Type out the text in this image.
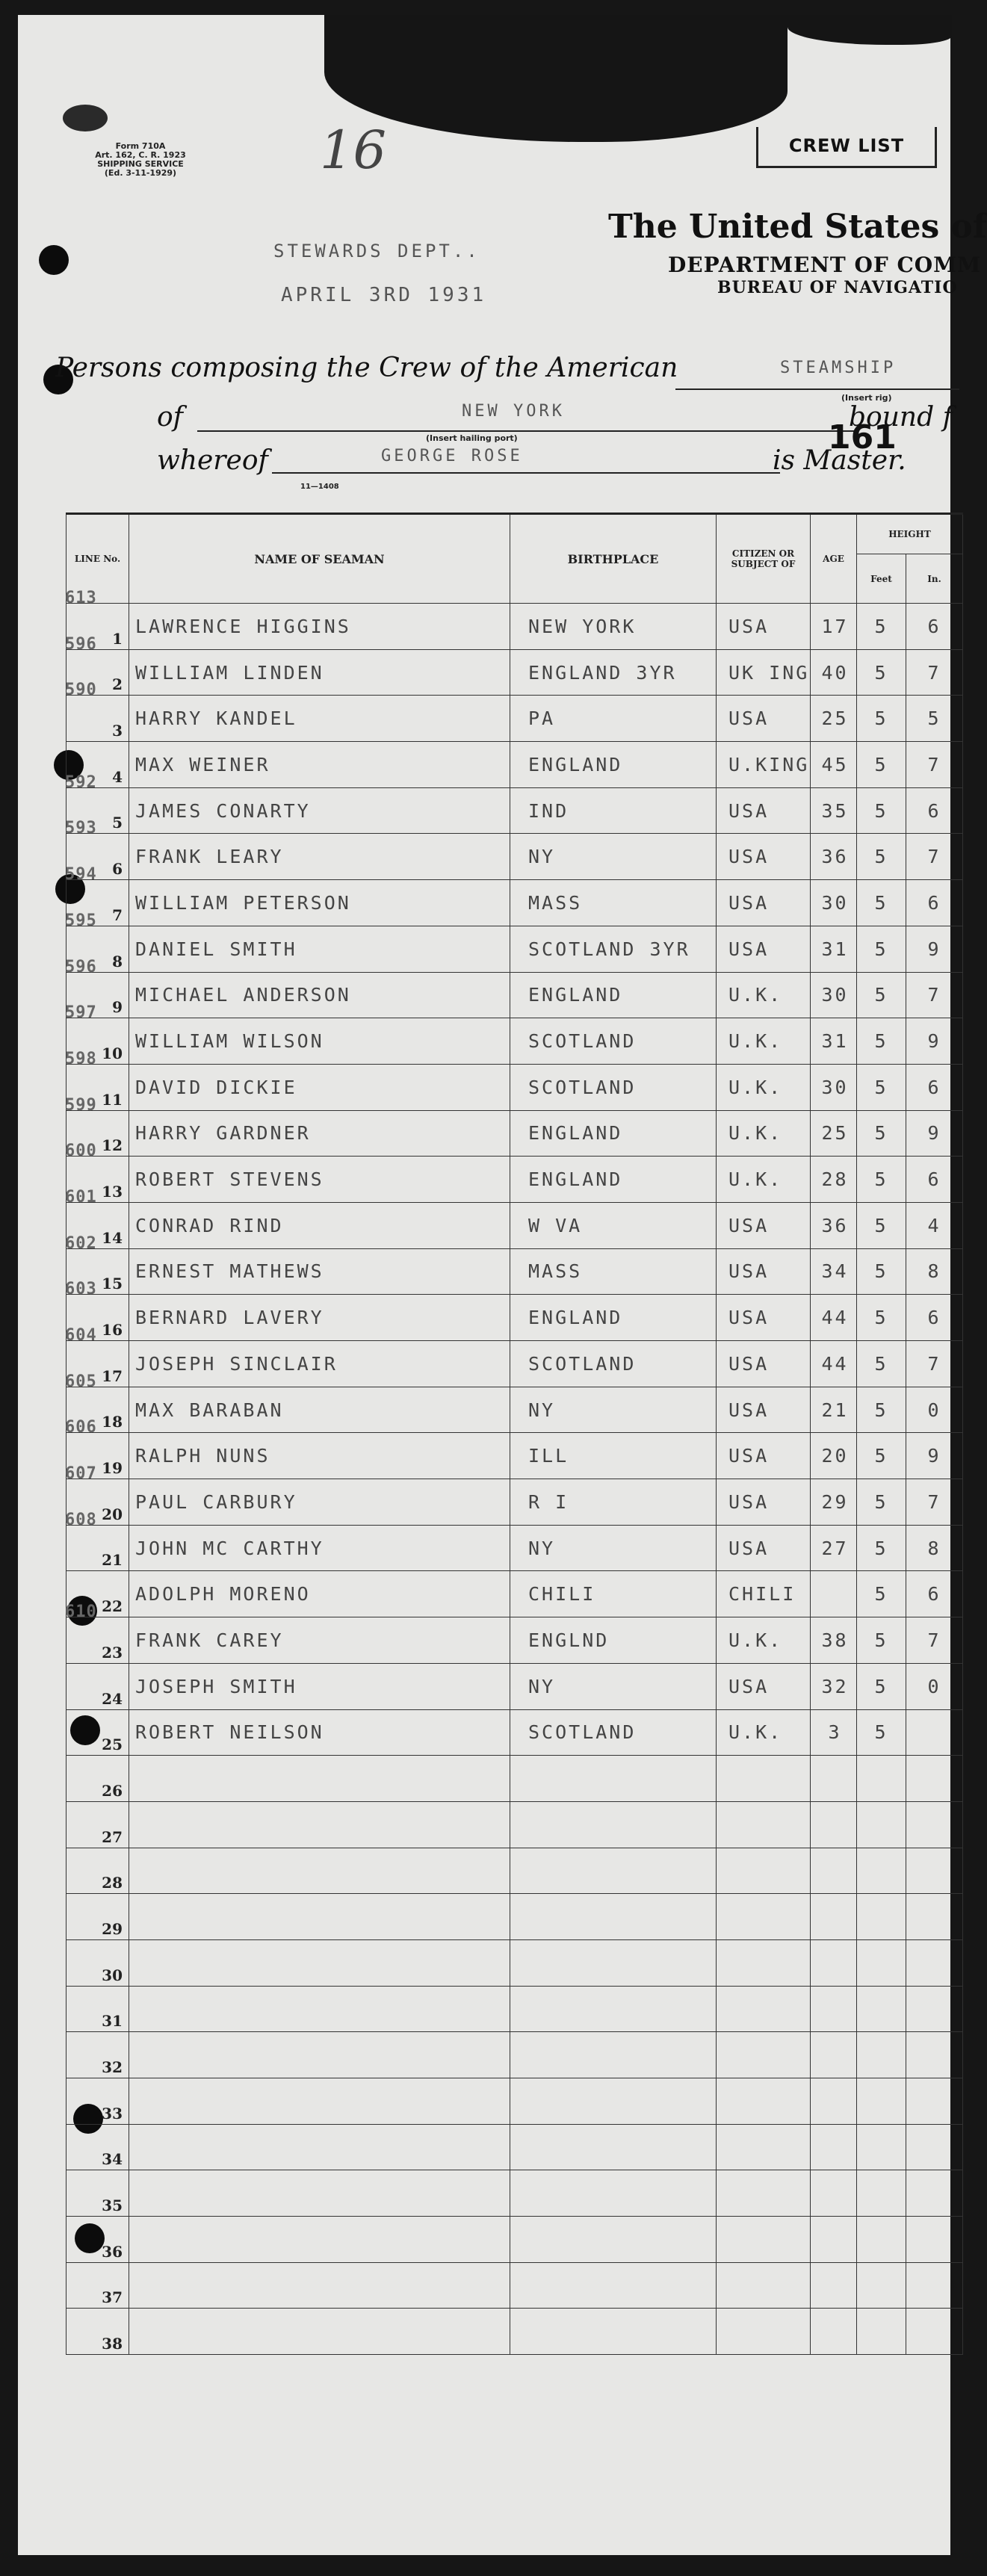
Form 710A
Art. 162, C. R. 1923
SHIPPING SERVICE
(Ed. 3-11-1929)	16	CREW LIST
The United States of
DEPARTMENT OF COMM
BUREAU OF NAVIGATIO
STEWARDS DEPT..
APRIL 3RD 1931
Persons composing the Crew of the American	STEAMSHIP
(Insert rig)
of	NEW YORK
(Insert hailing port)
bound f
whereof	GEORGE ROSE	161
is Master.
11—1408
LINE No.	NAME OF SEAMAN	BIRTHPLACE	CITIZEN OR SUBJECT OF	AGE	HEIGHT	
					Feet	In.

613
1	LAWRENCE HIGGINS	NEW YORK	USA	17	5	6

596
2	WILLIAM LINDEN	ENGLAND 3YR	UK ING	40	5	7

590
3	HARRY KANDEL	PA	USA	25	5	5

4	MAX WEINER	ENGLAND	U.KING	45	5	7

592
5	JAMES CONARTY	IND	USA	35	5	6

593
6	FRANK LEARY	NY	USA	36	5	7

594
7	WILLIAM PETERSON	MASS	USA	30	5	6

595
8	DANIEL SMITH	SCOTLAND 3YR	USA	31	5	9

596
9	MICHAEL ANDERSON	ENGLAND	U.K.	30	5	7

597
10	WILLIAM WILSON	SCOTLAND	U.K.	31	5	9

598
11	DAVID DICKIE	SCOTLAND	U.K.	30	5	6

599
12	HARRY GARDNER	ENGLAND	U.K.	25	5	9

600
13	ROBERT STEVENS	ENGLAND	U.K.	28	5	6

601
14	CONRAD RIND	W VA	USA	36	5	4

602
15	ERNEST MATHEWS	MASS	USA	34	5	8

603
16	BERNARD LAVERY	ENGLAND	USA	44	5	6

604
17	JOSEPH SINCLAIR	SCOTLAND	USA	44	5	7

605
18	MAX BARABAN	NY	USA	21	5	0

606
19	RALPH NUNS	ILL	USA	20	5	9

607
20	PAUL CARBURY	R I	USA	29	5	7

608
21	JOHN MC CARTHY	NY	USA	27	5	8

22	ADOLPH MORENO	CHILI	CHILI		5	6

610
23	FRANK CAREY	ENGLND	U.K.	38	5	7

24	JOSEPH SMITH	NY	USA	32	5	0

25	ROBERT NEILSON	SCOTLAND	U.K.	3	5	

26						

27						

28						

29						

30						

31						

32						

33						

34						

35						

36						

37						

38						
